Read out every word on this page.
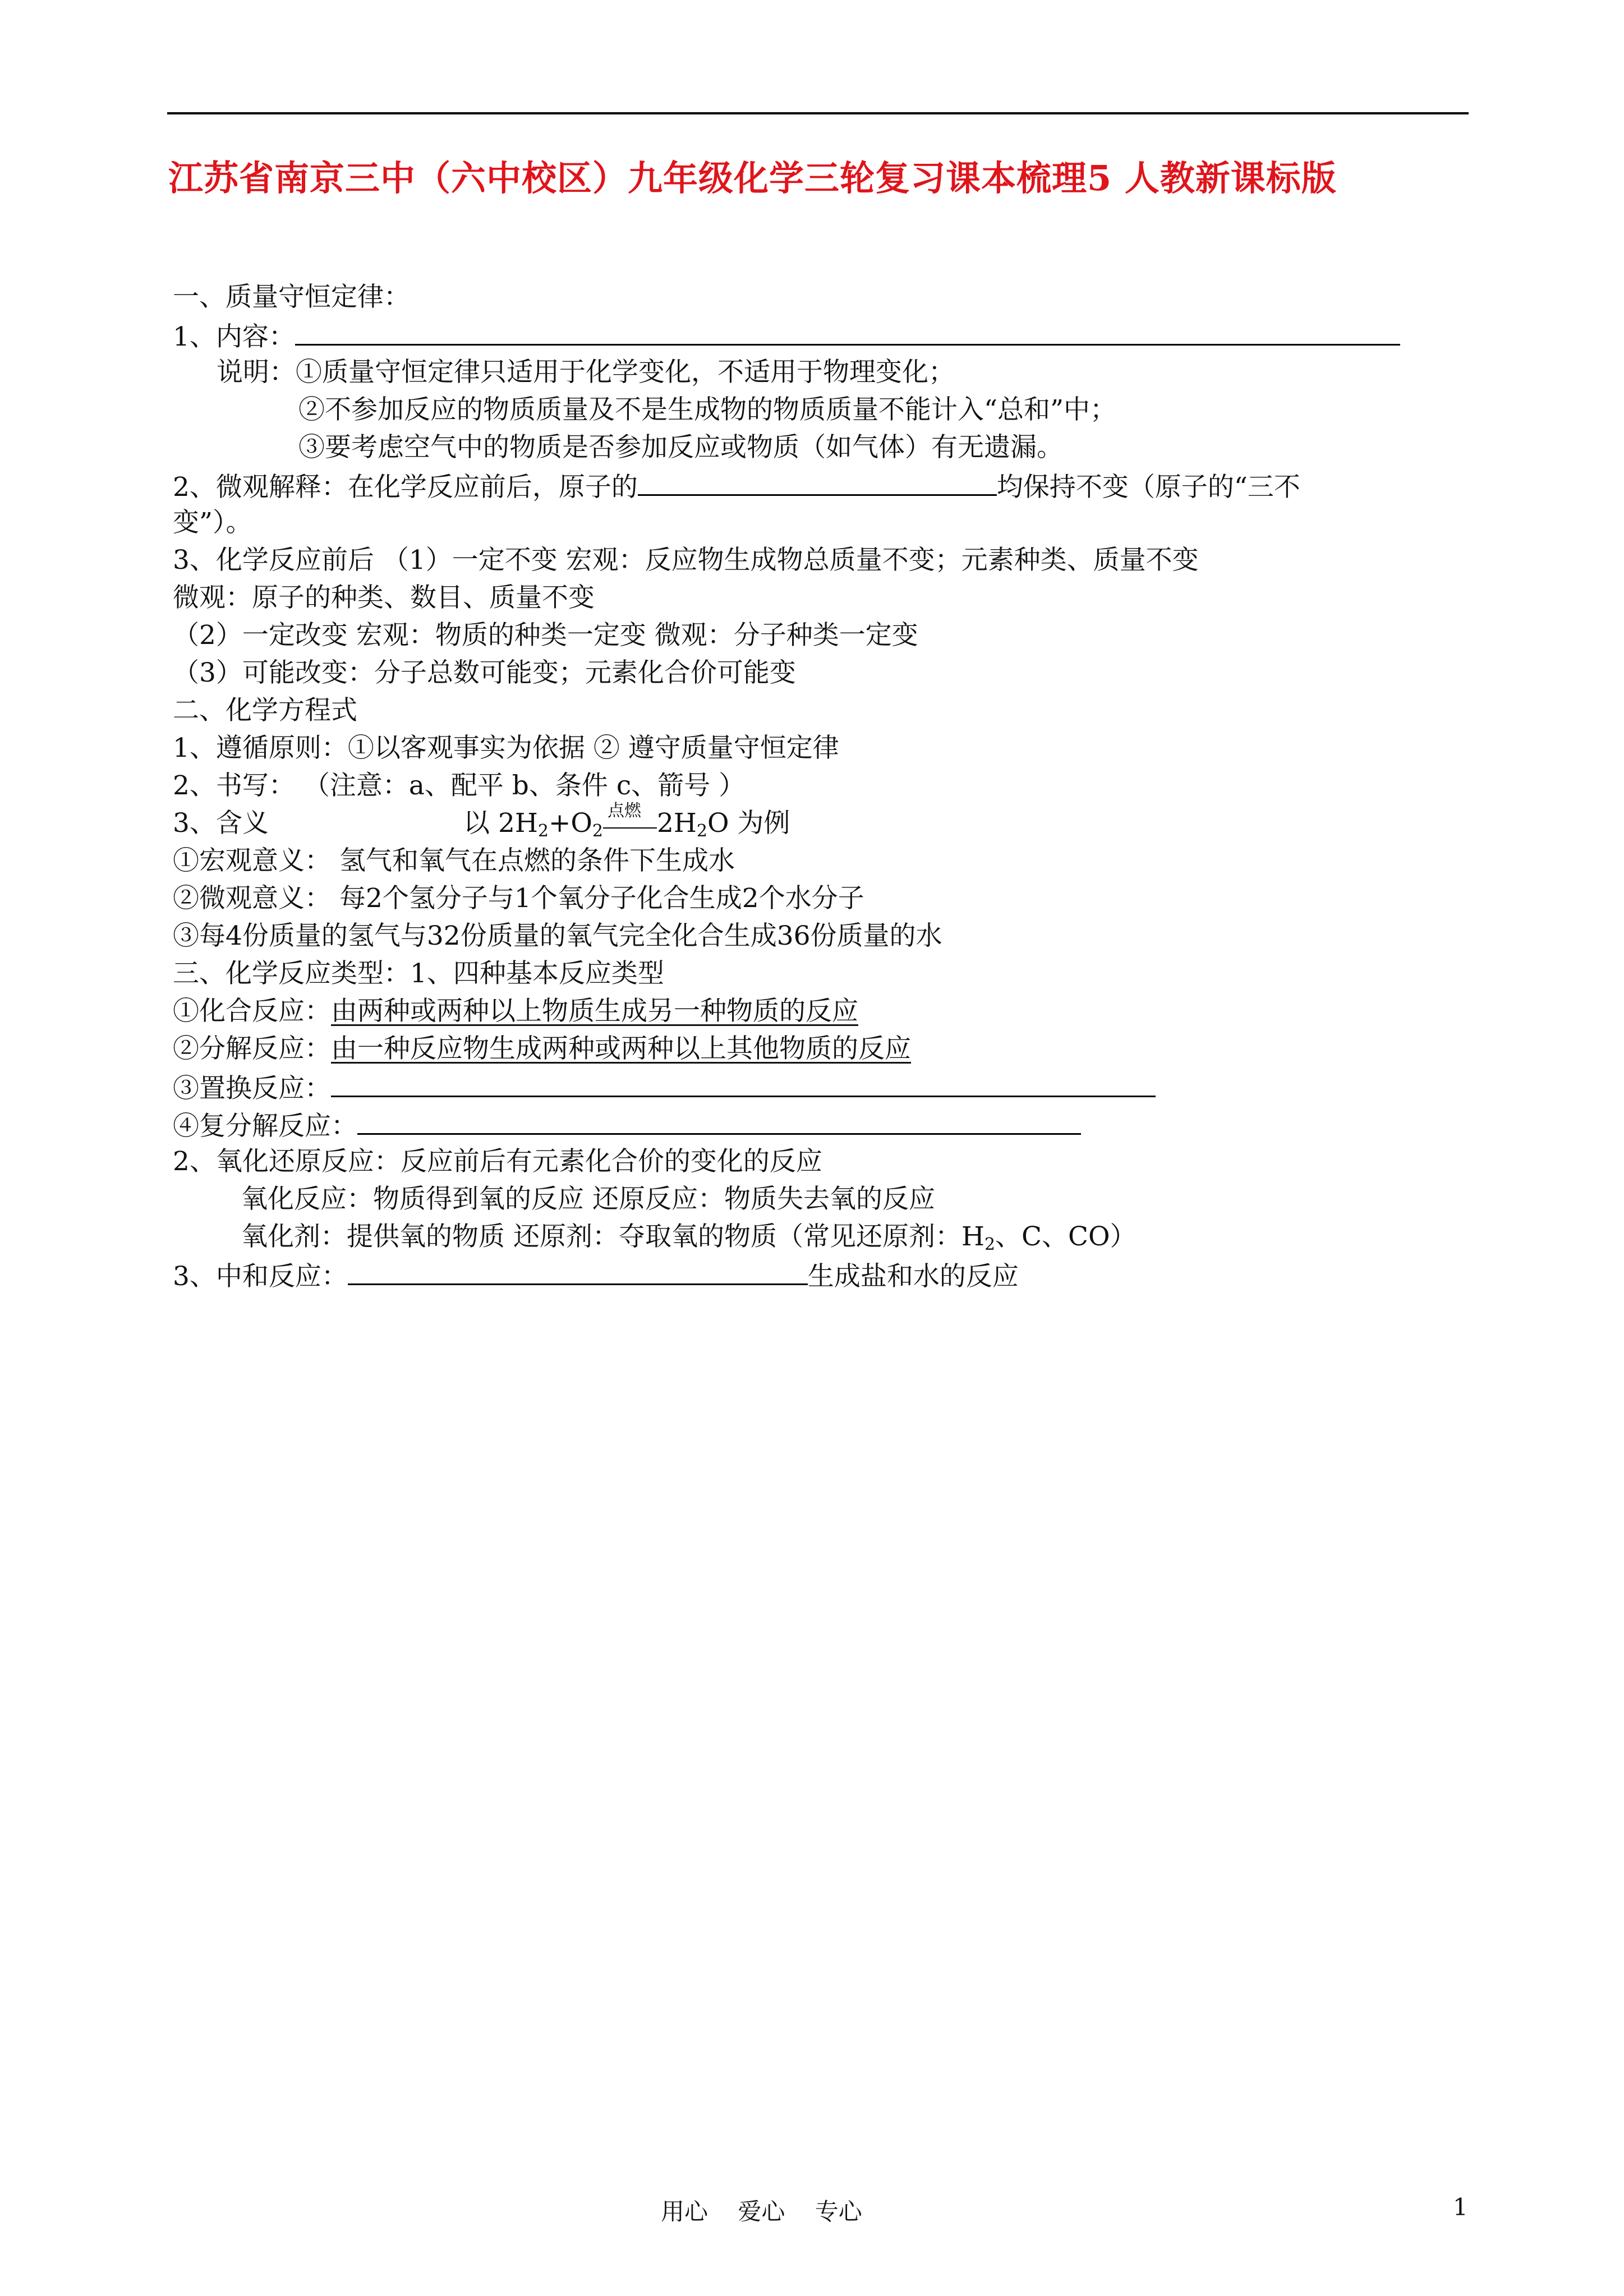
江苏省南京三中（六中校区）九年级化学三轮复习课本梳理5 人教新课标版
一、质量守恒定律：
1、内容：
说明：①质量守恒定律只适用于化学变化，不适用于物理变化；
②不参加反应的物质质量及不是生成物的物质质量不能计入“总和”中；
③要考虑空气中的物质是否参加反应或物质（如气体）有无遗漏。
2、微观解释：在化学反应前后，原子的	均保持不变（原子的“三不
变”）。
3、化学反应前后 （1）一定不变 宏观：反应物生成物总质量不变；元素种类、质量不变
微观：原子的种类、数目、质量不变
（2）一定改变 宏观：物质的种类一定变 微观：分子种类一定变
（3）可能改变：分子总数可能变；元素化合价可能变
二、化学方程式
1、遵循原则：①以客观事实为依据 ② 遵守质量守恒定律
2、书写： （注意：a、配平 b、条件 c、箭号 ）
3、含义	以 $2H_2+O_2$
点燃 $2H_2O$ 为例
①宏观意义： 氢气和氧气在点燃的条件下生成水
②微观意义： 每2个氢分子与1个氧分子化合生成2个水分子
③每4份质量的氢气与32份质量的氧气完全化合生成36份质量的水
三、化学反应类型：1、四种基本反应类型
①化合反应：由两种或两种以上物质生成另一种物质的反应
②分解反应：由一种反应物生成两种或两种以上其他物质的反应
③置换反应：
④复分解反应：
2、氧化还原反应：反应前后有元素化合价的变化的反应
氧化反应：物质得到氧的反应 还原反应：物质失去氧的反应
氧化剂：提供氧的物质 还原剂：夺取氧的物质（常见还原剂：$H_2$、C、CO）
3、中和反应：	生成盐和水的反应
用心    爱心    专心	1
